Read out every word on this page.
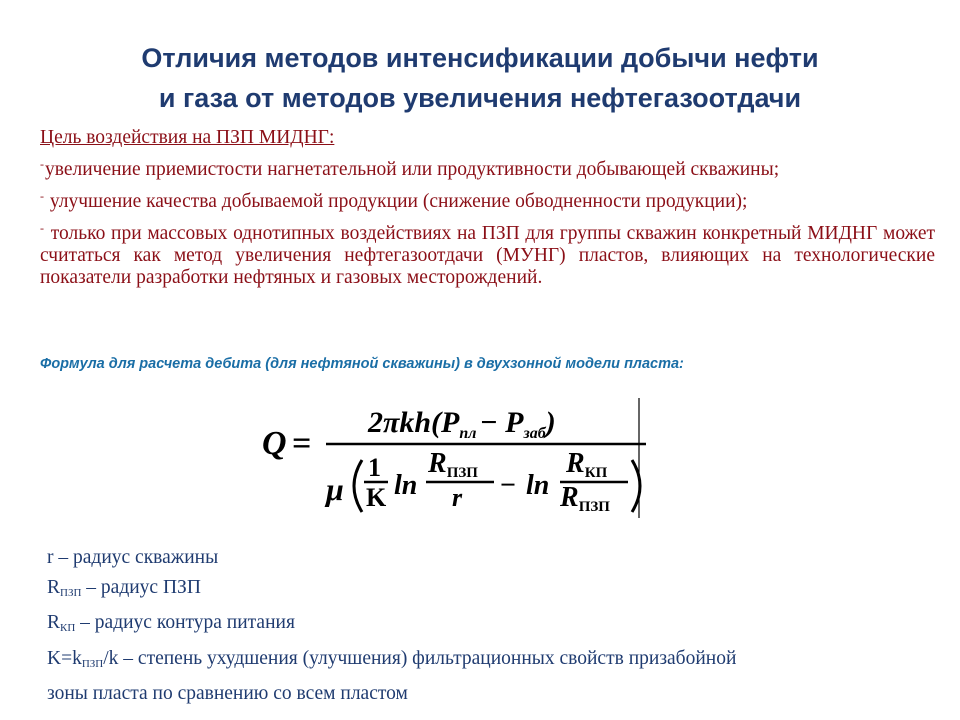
Отличия методов интенсификации добычи нефти
и газа от методов увеличения нефтегазоотдачи
Цель воздействия на ПЗП МИДНГ:
-увеличение приемистости нагнетательной или продуктивности добывающей скважины;
- улучшение качества добываемой продукции (снижение обводненности продукции);
- только при массовых однотипных воздействиях на ПЗП для группы скважин конкретный МИДНГ может считаться как метод увеличения нефтегазоотдачи (МУНГ) пластов, влияющих на технологические показатели разработки нефтяных и газовых месторождений.
Формула для расчета дебита (для нефтяной скважины) в двухзонной модели пласта:
Q =
$2\pi kh(P_{пл} - P_{заб})$
μ
1
K ln
RПЗП
r − ln
RКП
RПЗП
r – радиус скважины
$R_{ПЗП}$ – радиус ПЗП
$R_{КП}$ – радиус контура питания
$K=k_{ПЗП}/k$ – степень ухудшения (улучшения) фильтрационных свойств призабойной
зоны пласта по сравнению со всем пластом
